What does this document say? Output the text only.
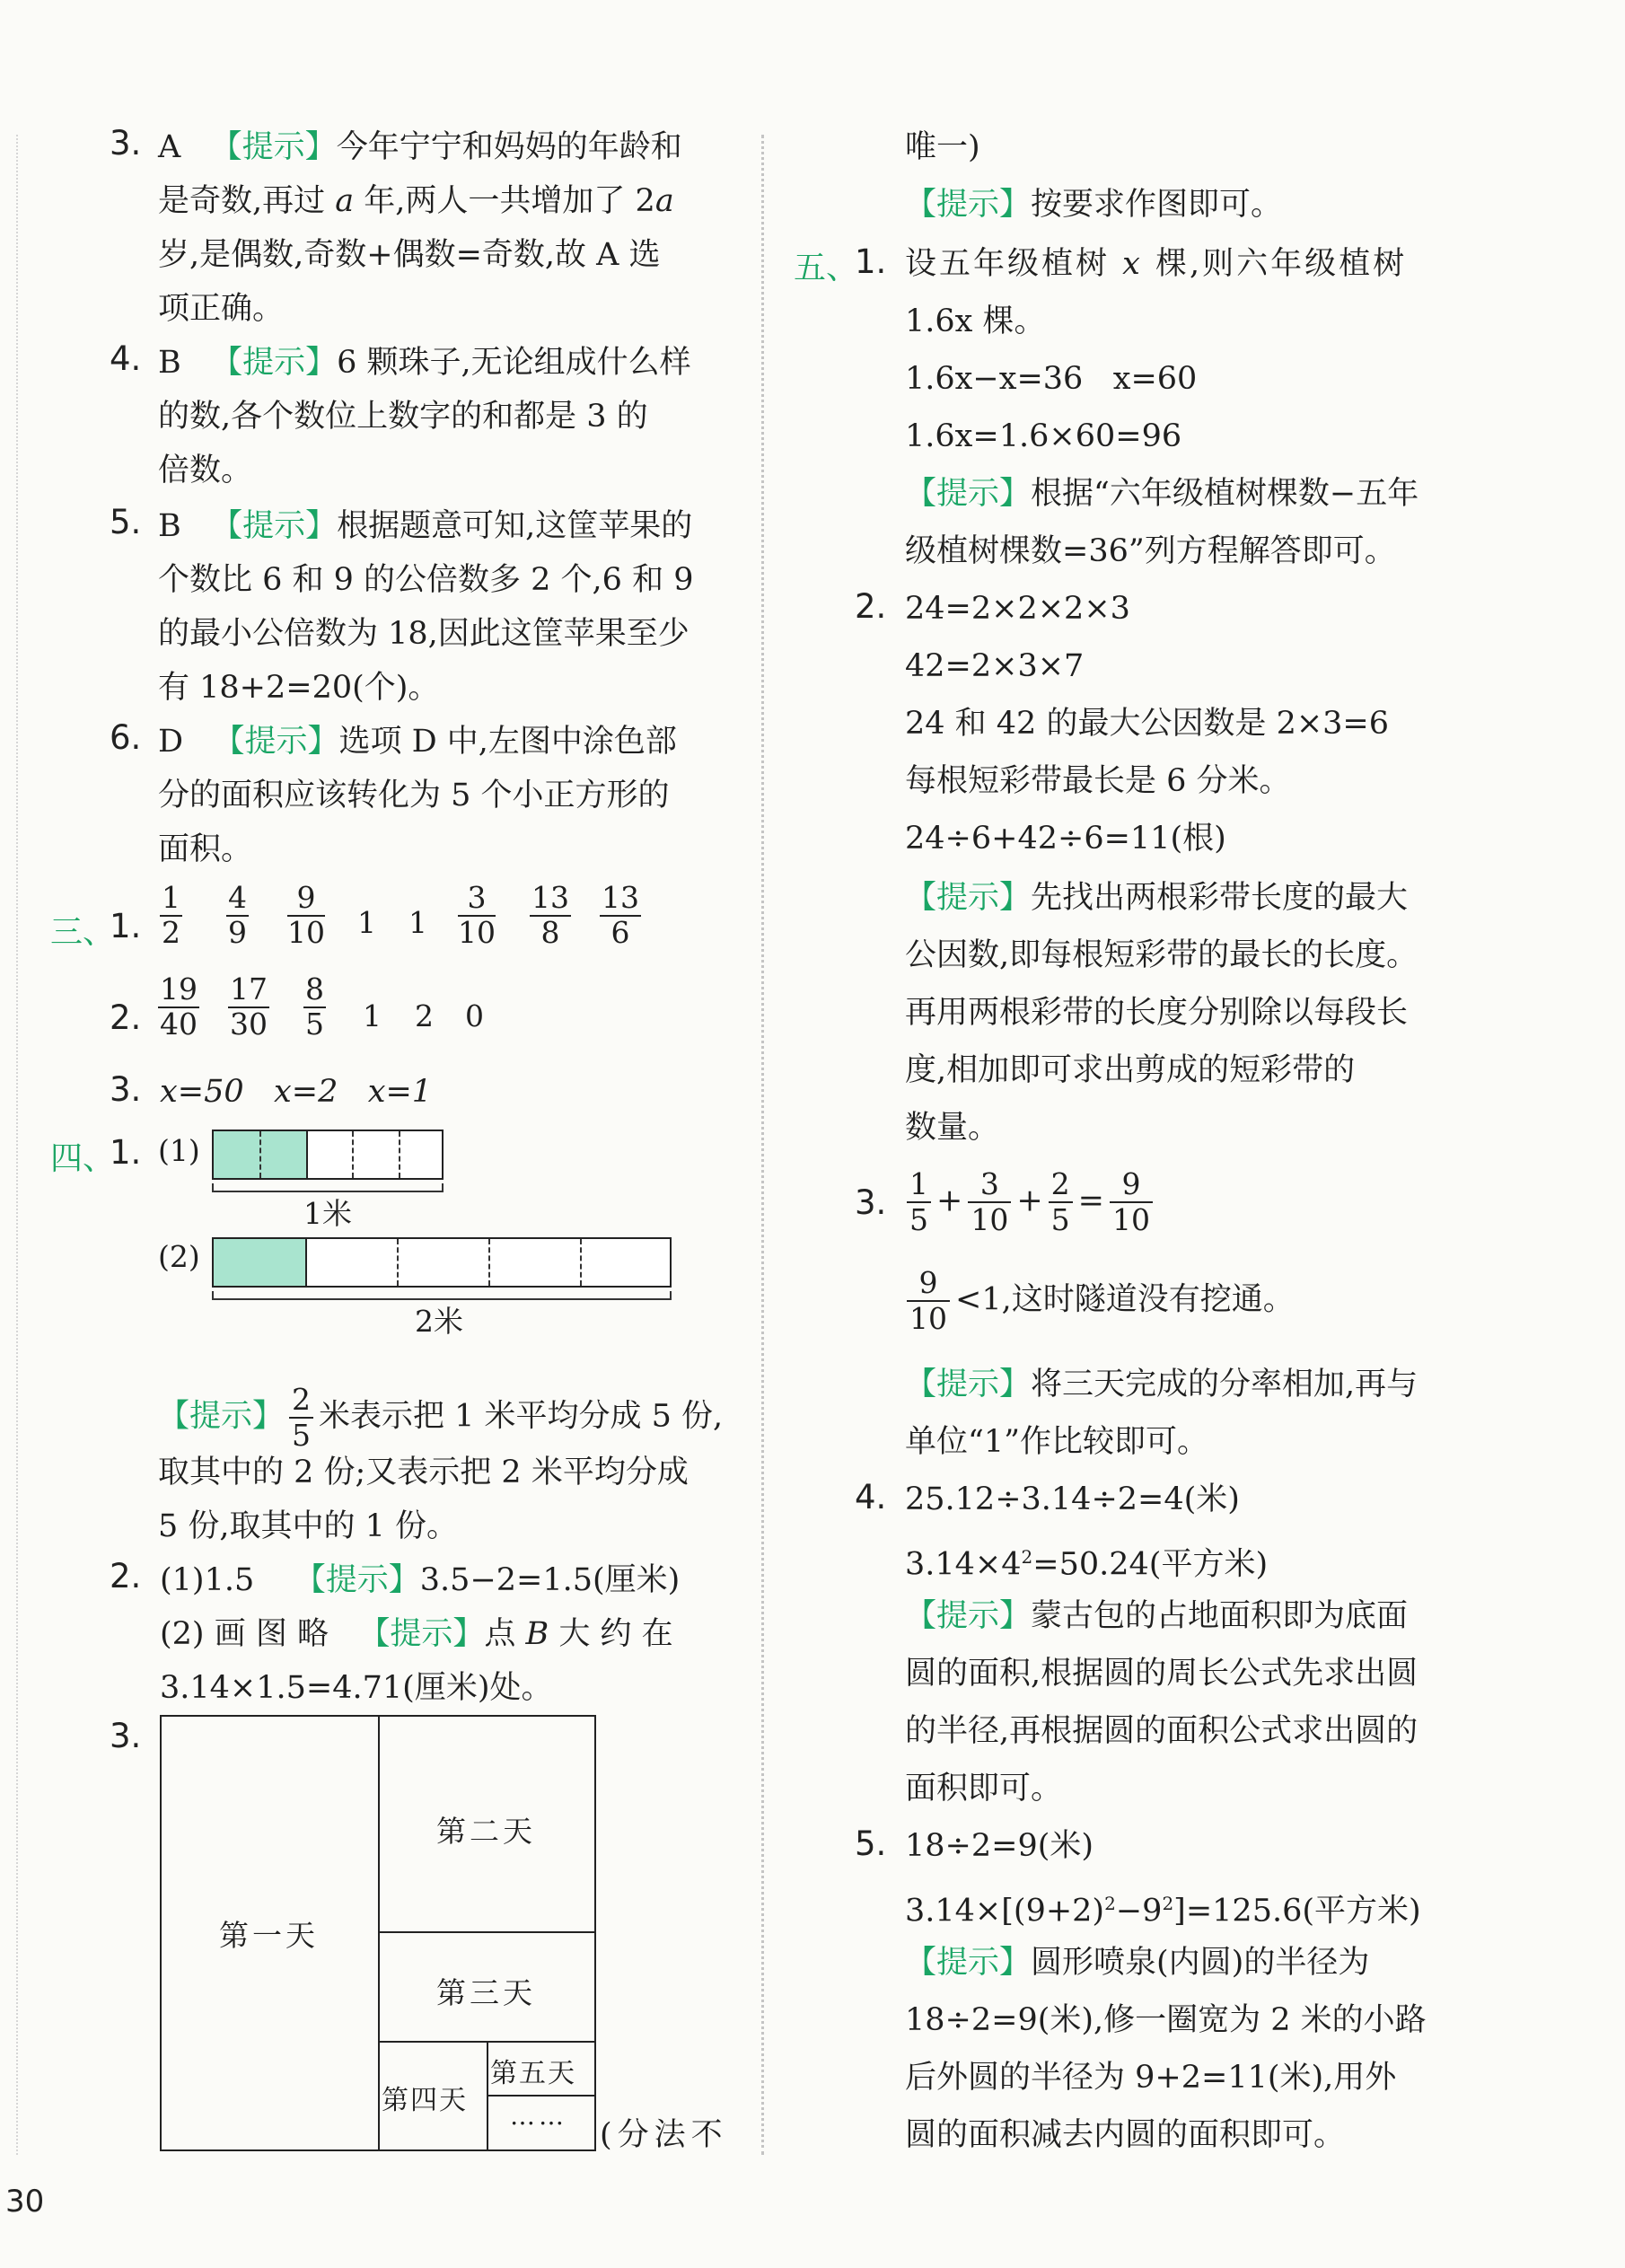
3. A 【提示】今年宁宁和妈妈的年龄和
是奇数,再过 a 年,两人一共增加了 2a
岁,是偶数,奇数+偶数=奇数,故 A 选
项正确。
4. B 【提示】6 颗珠子,无论组成什么样
的数,各个数位上数字的和都是 3 的
倍数。
5. B 【提示】根据题意可知,这筐苹果的
个数比 6 和 9 的公倍数多 2 个,6 和 9
的最小公倍数为 18,因此这筐苹果至少
有 18+2=20(个)。
6. D 【提示】选项 D 中,左图中涂色部
分的面积应该转化为 5 个小正方形的
面积。
三、
1.
1
2
4
9
9
10 1 1
3
10
13
8
13
6
2.
19
40
17
30
8
5 1 2 0
3. x=50 x=2 x=1
四、
1. (1)
1米
(2)
2米
【提示】 $\frac{2}{5}$ 米表示把 1 米平均分成 5 份,
取其中的 2 份;又表示把 2 米平均分成
5 份,取其中的 1 份。
2. (1)1.5 【提示】3.5−2=1.5(厘米)
(2) 画 图 略 【提示】点 B 大 约 在
3.14×1.5=4.71(厘米)处。
3.
第一天
第二天
第三天
第四天
第五天
……
(分法不
唯一)
【提示】按要求作图即可。
五、
1. 设五年级植树 x 棵,则六年级植树
1.6x 棵。
1.6x−x=36 x=60
1.6x=1.6×60=96
【提示】根据“六年级植树棵数−五年
级植树棵数=36”列方程解答即可。
2. 24=2×2×2×3
42=2×3×7
24 和 42 的最大公因数是 2×3=6
每根短彩带最长是 6 分米。
24÷6+42÷6=11(根)
【提示】先找出两根彩带长度的最大
公因数,即每根短彩带的最长的长度。
再用两根彩带的长度分别除以每段长
度,相加即可求出剪成的短彩带的
数量。
3. $\frac{1}{5} + \frac{3}{10} + \frac{2}{5} = \frac{9}{10}$
$\frac{9}{10} <1$,这时隧道没有挖通。
【提示】将三天完成的分率相加,再与
单位“1”作比较即可。
4. 25.12÷3.14÷2=4(米)
$3.14\times 4^2=50.24$(平方米)
【提示】蒙古包的占地面积即为底面
圆的面积,根据圆的周长公式先求出圆
的半径,再根据圆的面积公式求出圆的
面积即可。
5. 18÷2=9(米)
$3.14\times[(9+2)^2-9^2]=125.6$(平方米)
【提示】圆形喷泉(内圆)的半径为
18÷2=9(米),修一圈宽为 2 米的小路
后外圆的半径为 9+2=11(米),用外
圆的面积减去内圆的面积即可。
30
